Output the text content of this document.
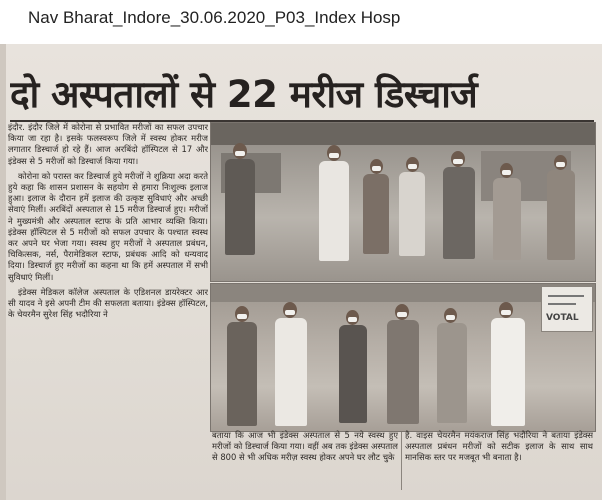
Nav Bharat_Indore_30.06.2020_P03_Index Hosp
दो अस्पतालों से 22 मरीज डिस्चार्ज

इंदौर. इंदौर जिले में कोरोना से प्रभावित मरीजों का सफल उपचार किया जा रहा है। इसके फलस्वरूप जिले में स्वस्थ होकर मरीज लगातार डिस्चार्ज हो रहे हैं। आज अरबिंदो हॉस्पिटल से 17 और इंडेक्स से 5 मरीजों को डिस्चार्ज किया गया।

कोरोना को परास्त कर डिस्चार्ज हुये मरीजों ने शुक्रिया अदा करते हुये कहा कि शासन प्रशासन के सहयोग से हमारा निःशुल्क इलाज हुआ। इलाज के दौरान हमें इलाज की उत्कृष्ट सुविधाएं और अच्छी सेवाएं मिलीं। अरबिंदों अस्पताल से 15 मरीज डिस्चार्ज हुए। मरीजों ने मुख्यमंत्री और अस्पताल स्टाफ के प्रति आभार व्यक्ति किया। इंडेक्स हॉस्पिटल से 5 मरीजों को सफल उपचार के पश्चात स्वस्थ कर अपने घर भेजा गया। स्वस्थ हुए मरीजों ने अस्पताल प्रबंधन, चिकित्सक, नर्स, पैरामेडिकल स्टाफ, प्रबंधक आदि को धन्यवाद दिया। डिस्चार्ज हुए मरीजों का कहना था कि हमें अस्पताल में सभी सुविधाएं मिलीं।

इंडेक्स मेडिकल कॉलेज अस्पताल के एडिशनल डायरेक्टर आर सी यादव ने इसे अपनी टीम की सफलता बताया। इंडेक्स हॉस्पिटल, के चेयरमैन सुरेश सिंह भदौरिया ने	VOTAL

बताया कि आज भी इंडेक्स अस्पताल से 5 नये स्वस्थ हुए मरीजों को डिस्चार्ज किया गया। वहीं अब तक इंडेक्स अस्पताल से 800 से भी अधिक मरीज़ स्वस्थ होकर अपने घर लौट चुके

है. वाइस चेयरमैन मयंकराज सिंह भदौरिया ने बताया इंडेक्स अस्पताल प्रबंधन मरीजों को सटीक इलाज के साथ साथ मानसिक स्तर पर मजबूत भी बनाता है।
